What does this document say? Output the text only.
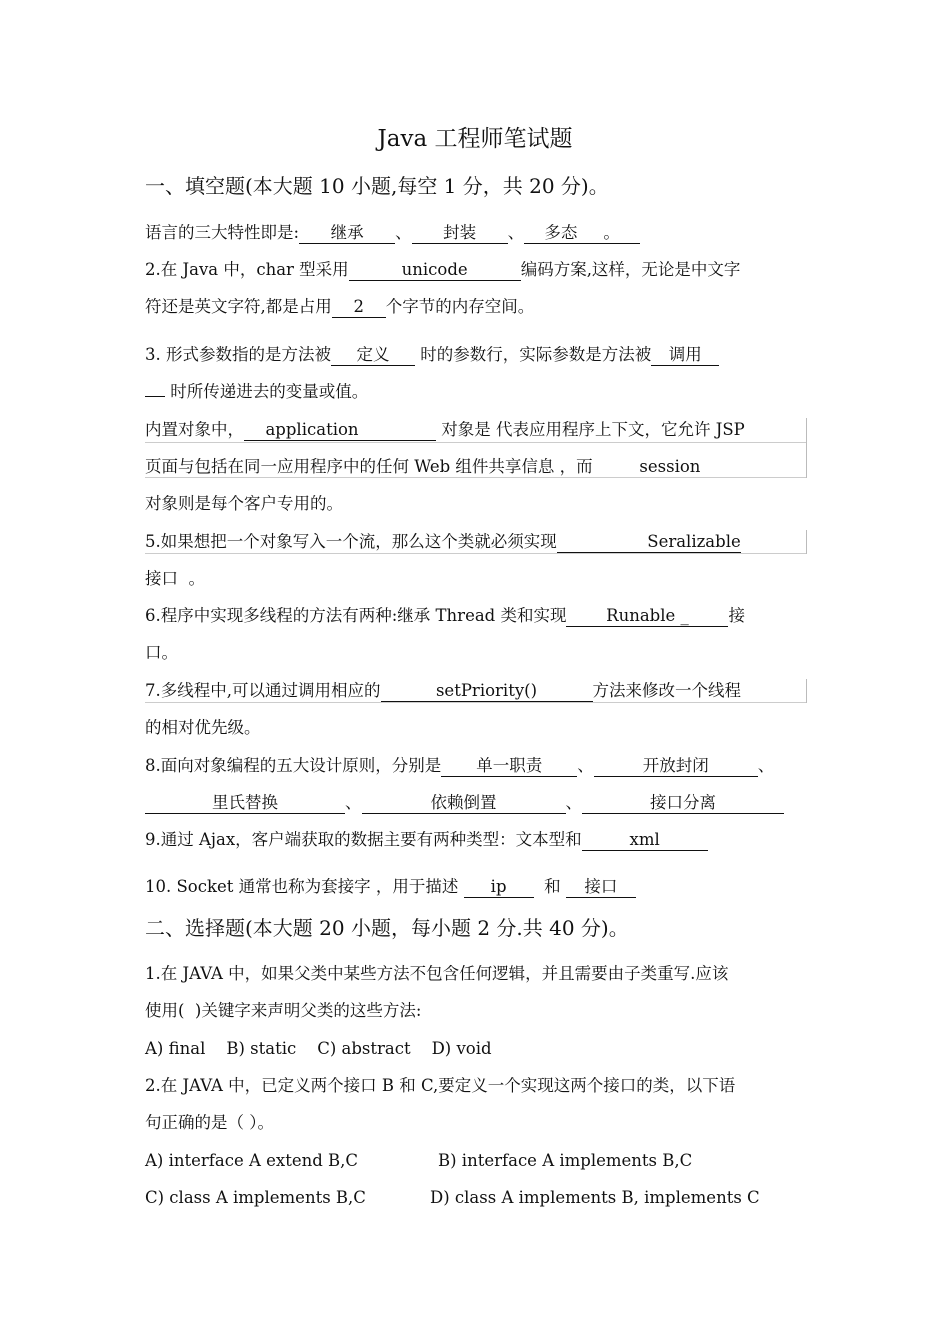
Java 工程师笔试题
一、填空题(本大题 10 小题,每空 1 分，共 20 分)。
语言的三大特性即是: 继承 、 封装 、 多态 。
2.在 Java 中，char 型采用	unicode	编码方案,这样，无论是中文字
符还是英文字符,都是占用 2 个字节的内存空间。
3. 形式参数指的是方法被 定义 时的参数行，实际参数是方法被 调用
时所传递进去的变量或值。
内置对象中， application	对象是 代表应用程序上下文，它允许 JSP
页面与包括在同一应用程序中的任何 Web 组件共享信息 ，而	session
对象则是每个客户专用的。
5.如果想把一个对象写入一个流，那么这个类就必须实现	Seralizable
接口  。
6.程序中实现多线程的方法有两种:继承 Thread 类和实现 Runable _ 接
口。
7.多线程中,可以通过调用相应的	setPriority()	方法来修改一个线程
的相对优先级。
8.面向对象编程的五大设计原则，分别是 单一职责 、	开放封闭	、
里氏替换	、	依赖倒置	、	接口分离
9.通过 Ajax，客户端获取的数据主要有两种类型：文本型和	xml
10. Socket 通常也称为套接字 ，用于描述 ip  和 接口
二、选择题(本大题 20 小题，每小题 2 分.共 40 分)。
1.在 JAVA 中，如果父类中某些方法不包含任何逻辑，并且需要由子类重写.应该
使用(  )关键字来声明父类的这些方法:
A) final    B) static    C) abstract    D) void
2.在 JAVA 中，已定义两个接口 B 和 C,要定义一个实现这两个接口的类，以下语
句正确的是（ ）。
A) interface A extend B,C	B) interface A implements B,C
C) class A implements B,C	D) class A implements B, implements C
